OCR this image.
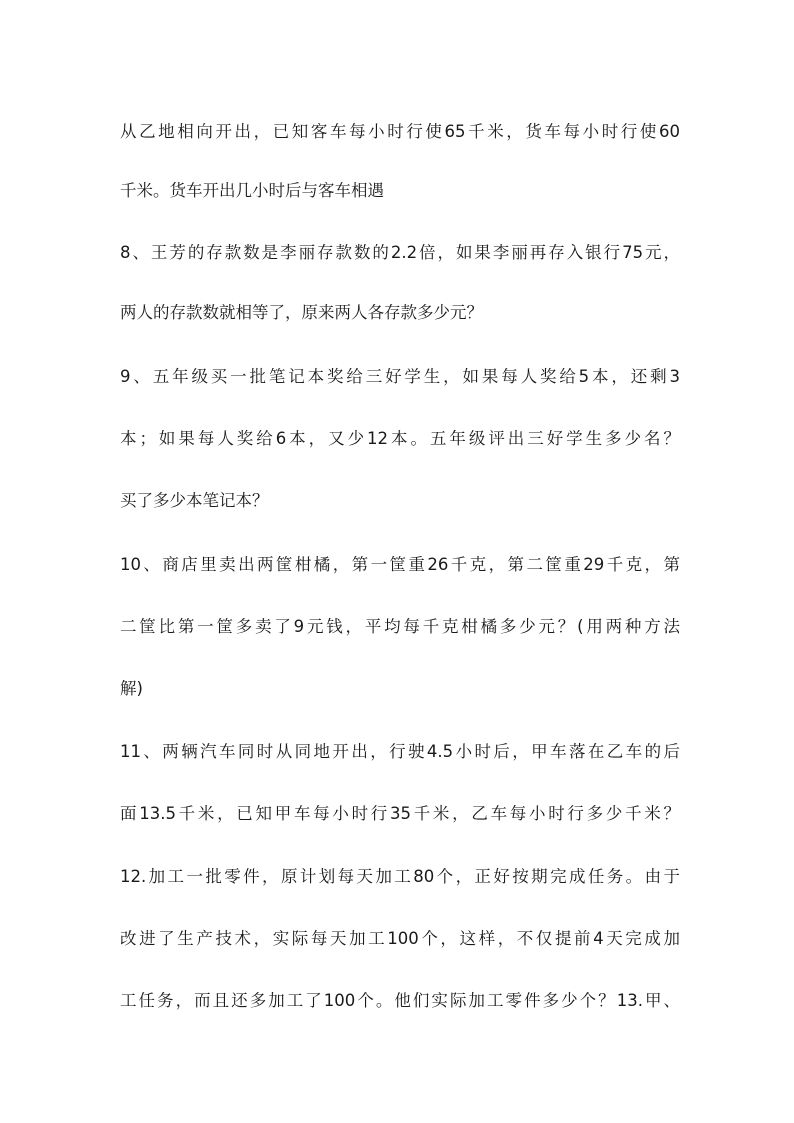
从乙地相向开出，已知客车每小时行使65千米，货车每小时行使60
千米。货车开出几小时后与客车相遇
8、王芳的存款数是李丽存款数的2.2倍，如果李丽再存入银行75元，
两人的存款数就相等了，原来两人各存款多少元？
9、五年级买一批笔记本奖给三好学生，如果每人奖给5本，还剩3
本；如果每人奖给6本，又少12本。五年级评出三好学生多少名？
买了多少本笔记本？
10、商店里卖出两筐柑橘，第一筐重26千克，第二筐重29千克，第
二筐比第一筐多卖了9元钱，平均每千克柑橘多少元？(用两种方法
解)
11、两辆汽车同时从同地开出，行驶4.5小时后，甲车落在乙车的后
面13.5千米，已知甲车每小时行35千米，乙车每小时行多少千米？
12.加工一批零件，原计划每天加工80个，正好按期完成任务。由于
改进了生产技术，实际每天加工100个，这样，不仅提前4天完成加
工任务，而且还多加工了100个。他们实际加工零件多少个？13.甲、
